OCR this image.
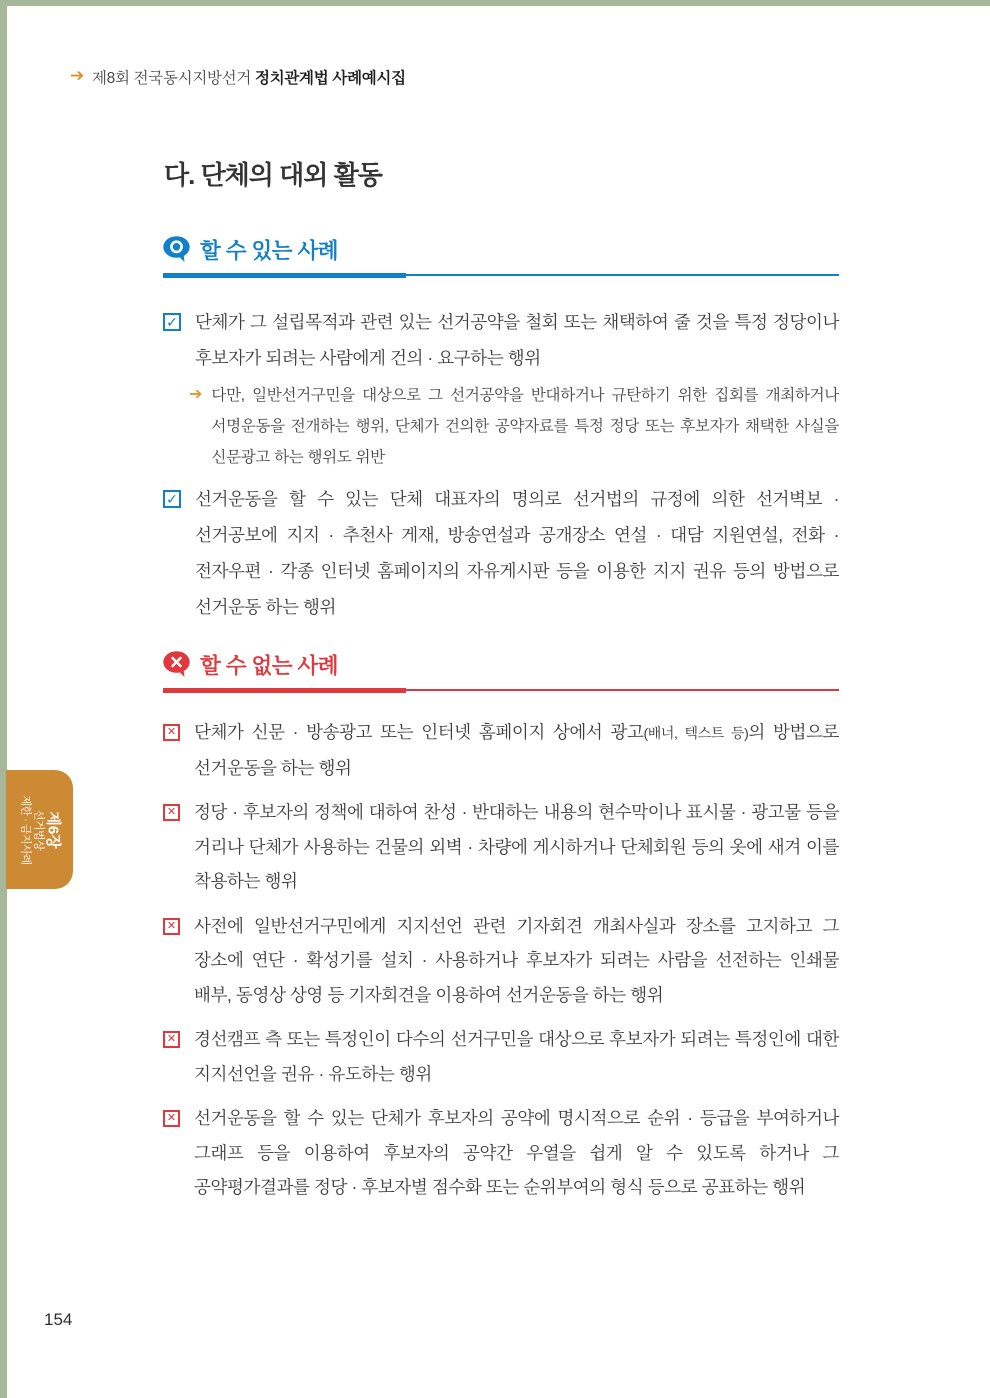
➔ 제8회 전국동시지방선거 정치관계법 사례예시집
다. 단체의 대외 활동
할 수 있는 사례
✓ 단체가 그 설립목적과 관련 있는 선거공약을 철회 또는 채택하여 줄 것을 특정 정당이나 후보자가 되려는 사람에게 건의 · 요구하는 행위

➔ 다만, 일반선거구민을 대상으로 그 선거공약을 반대하거나 규탄하기 위한 집회를 개최하거나 서명운동을 전개하는 행위, 단체가 건의한 공약자료를 특정 정당 또는 후보자가 채택한 사실을 신문광고 하는 행위도 위반

✓ 선거운동을 할 수 있는 단체 대표자의 명의로 선거법의 규정에 의한 선거벽보 · 선거공보에 지지 · 추천사 게재, 방송연설과 공개장소 연설 · 대담 지원연설, 전화 · 전자우편 · 각종 인터넷 홈페이지의 자유게시판 등을 이용한 지지 권유 등의 방법으로 선거운동 하는 행위

할 수 없는 사례
✕ 단체가 신문 · 방송광고 또는 인터넷 홈페이지 상에서 광고(배너, 텍스트 등)의 방법으로 선거운동을 하는 행위

✕ 정당 · 후보자의 정책에 대하여 찬성 · 반대하는 내용의 현수막이나 표시물 · 광고물 등을 거리나 단체가 사용하는 건물의 외벽 · 차량에 게시하거나 단체회원 등의 옷에 새겨 이를 착용하는 행위

✕ 사전에 일반선거구민에게 지지선언 관련 기자회견 개최사실과 장소를 고지하고 그 장소에 연단 · 확성기를 설치 · 사용하거나 후보자가 되려는 사람을 선전하는 인쇄물 배부, 동영상 상영 등 기자회견을 이용하여 선거운동을 하는 행위

✕ 경선캠프 측 또는 특정인이 다수의 선거구민을 대상으로 후보자가 되려는 특정인에 대한 지지선언을 권유 · 유도하는 행위

✕ 선거운동을 할 수 있는 단체가 후보자의 공약에 명시적으로 순위 · 등급을 부여하거나 그래프 등을 이용하여 후보자의 공약간 우열을 쉽게 알 수 있도록 하거나 그 공약평가결과를 정당 · 후보자별 점수화 또는 순위부여의 형식 등으로 공표하는 행위

제6장
선거법상
제한 · 금지사례
154
